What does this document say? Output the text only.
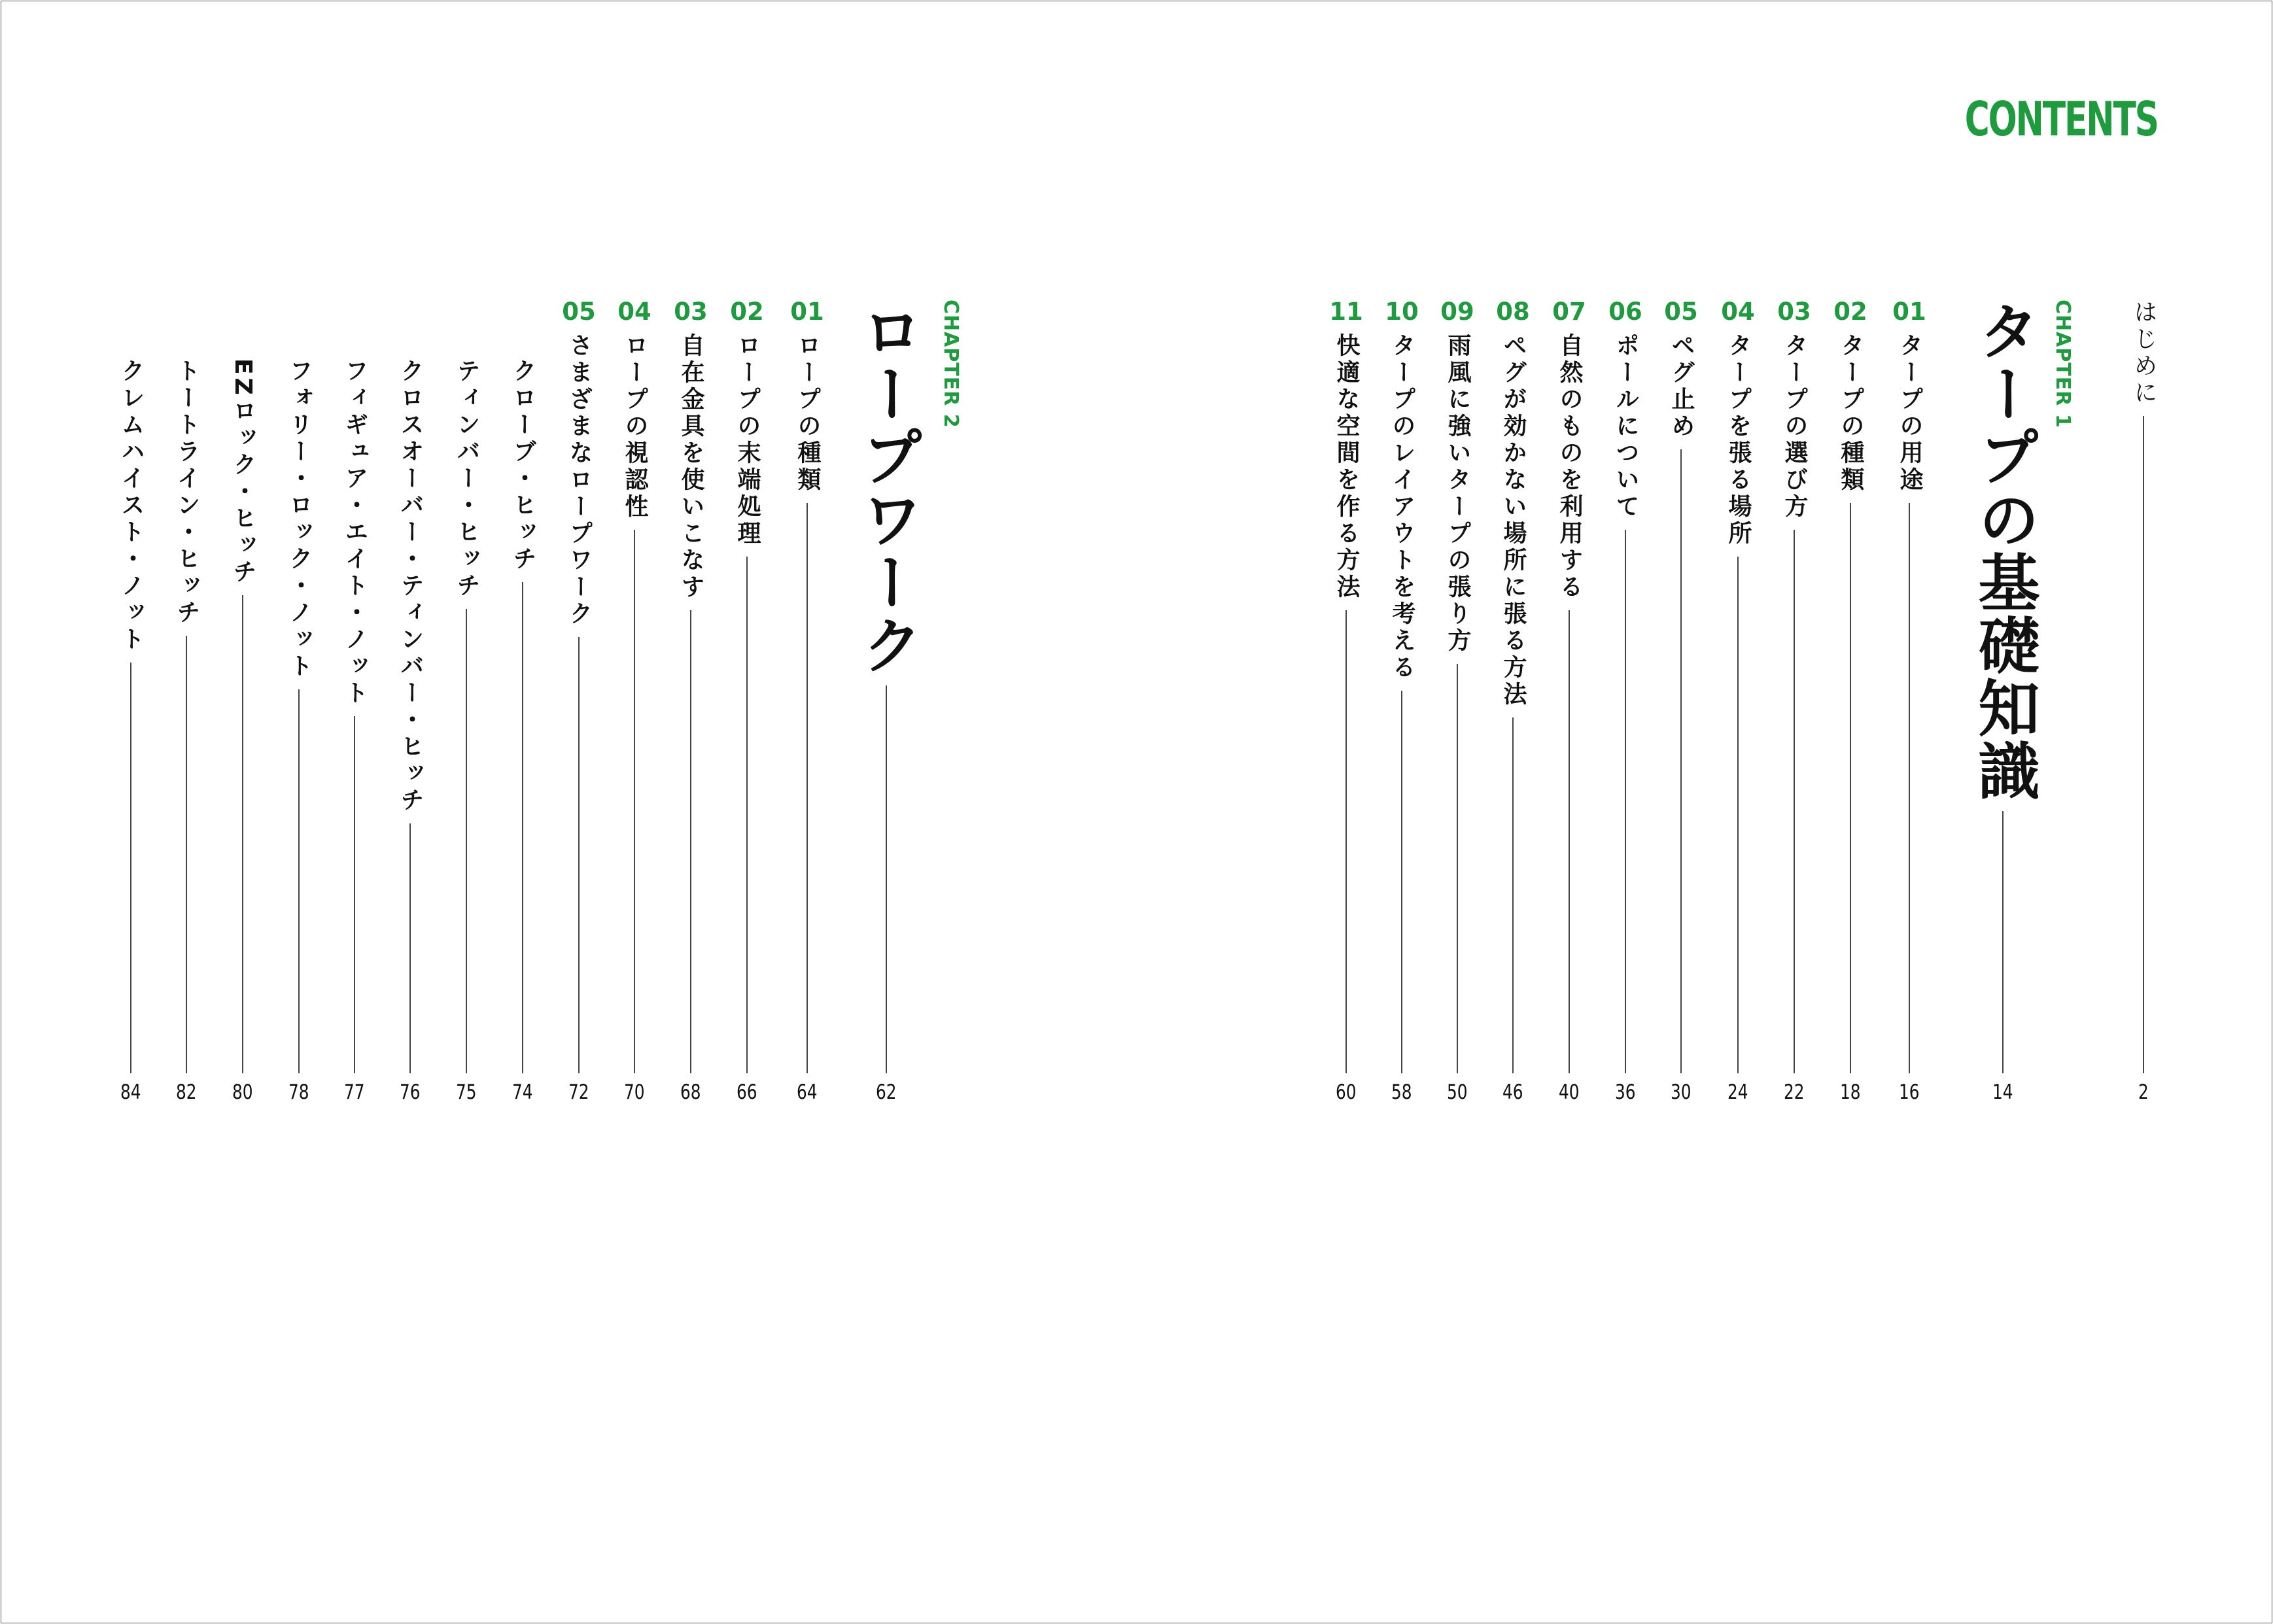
CONTENTS
はじめに
2
CHAPTER 1
タープの基礎知識
14
01
タープの用途
16
02
タープの種類
18
03
タープの選び方
22
04
タープを張る場所
24
05
ペグ止め
30
06
ポールについて
36
07
自然のものを利用する
40
08
ペグが効かない場所に張る方法
46
09
雨風に強いタープの張り方
50
10
タープのレイアウトを考える
58
11
快適な空間を作る方法
60
CHAPTER 2
ロープワーク
62
01
ロープの種類
64
02
ロープの末端処理
66
03
自在金具を使いこなす
68
04
ロープの視認性
70
05
さまざまなロープワーク
72
クローブ・ヒッチ
74
ティンバー・ヒッチ
75
クロスオーバー・ティンバー・ヒッチ
76
フィギュア・エイト・ノット
77
フォリー・ロック・ノット
78
EZロック・ヒッチ
80
トートライン・ヒッチ
82
クレムハイスト・ノット
84
